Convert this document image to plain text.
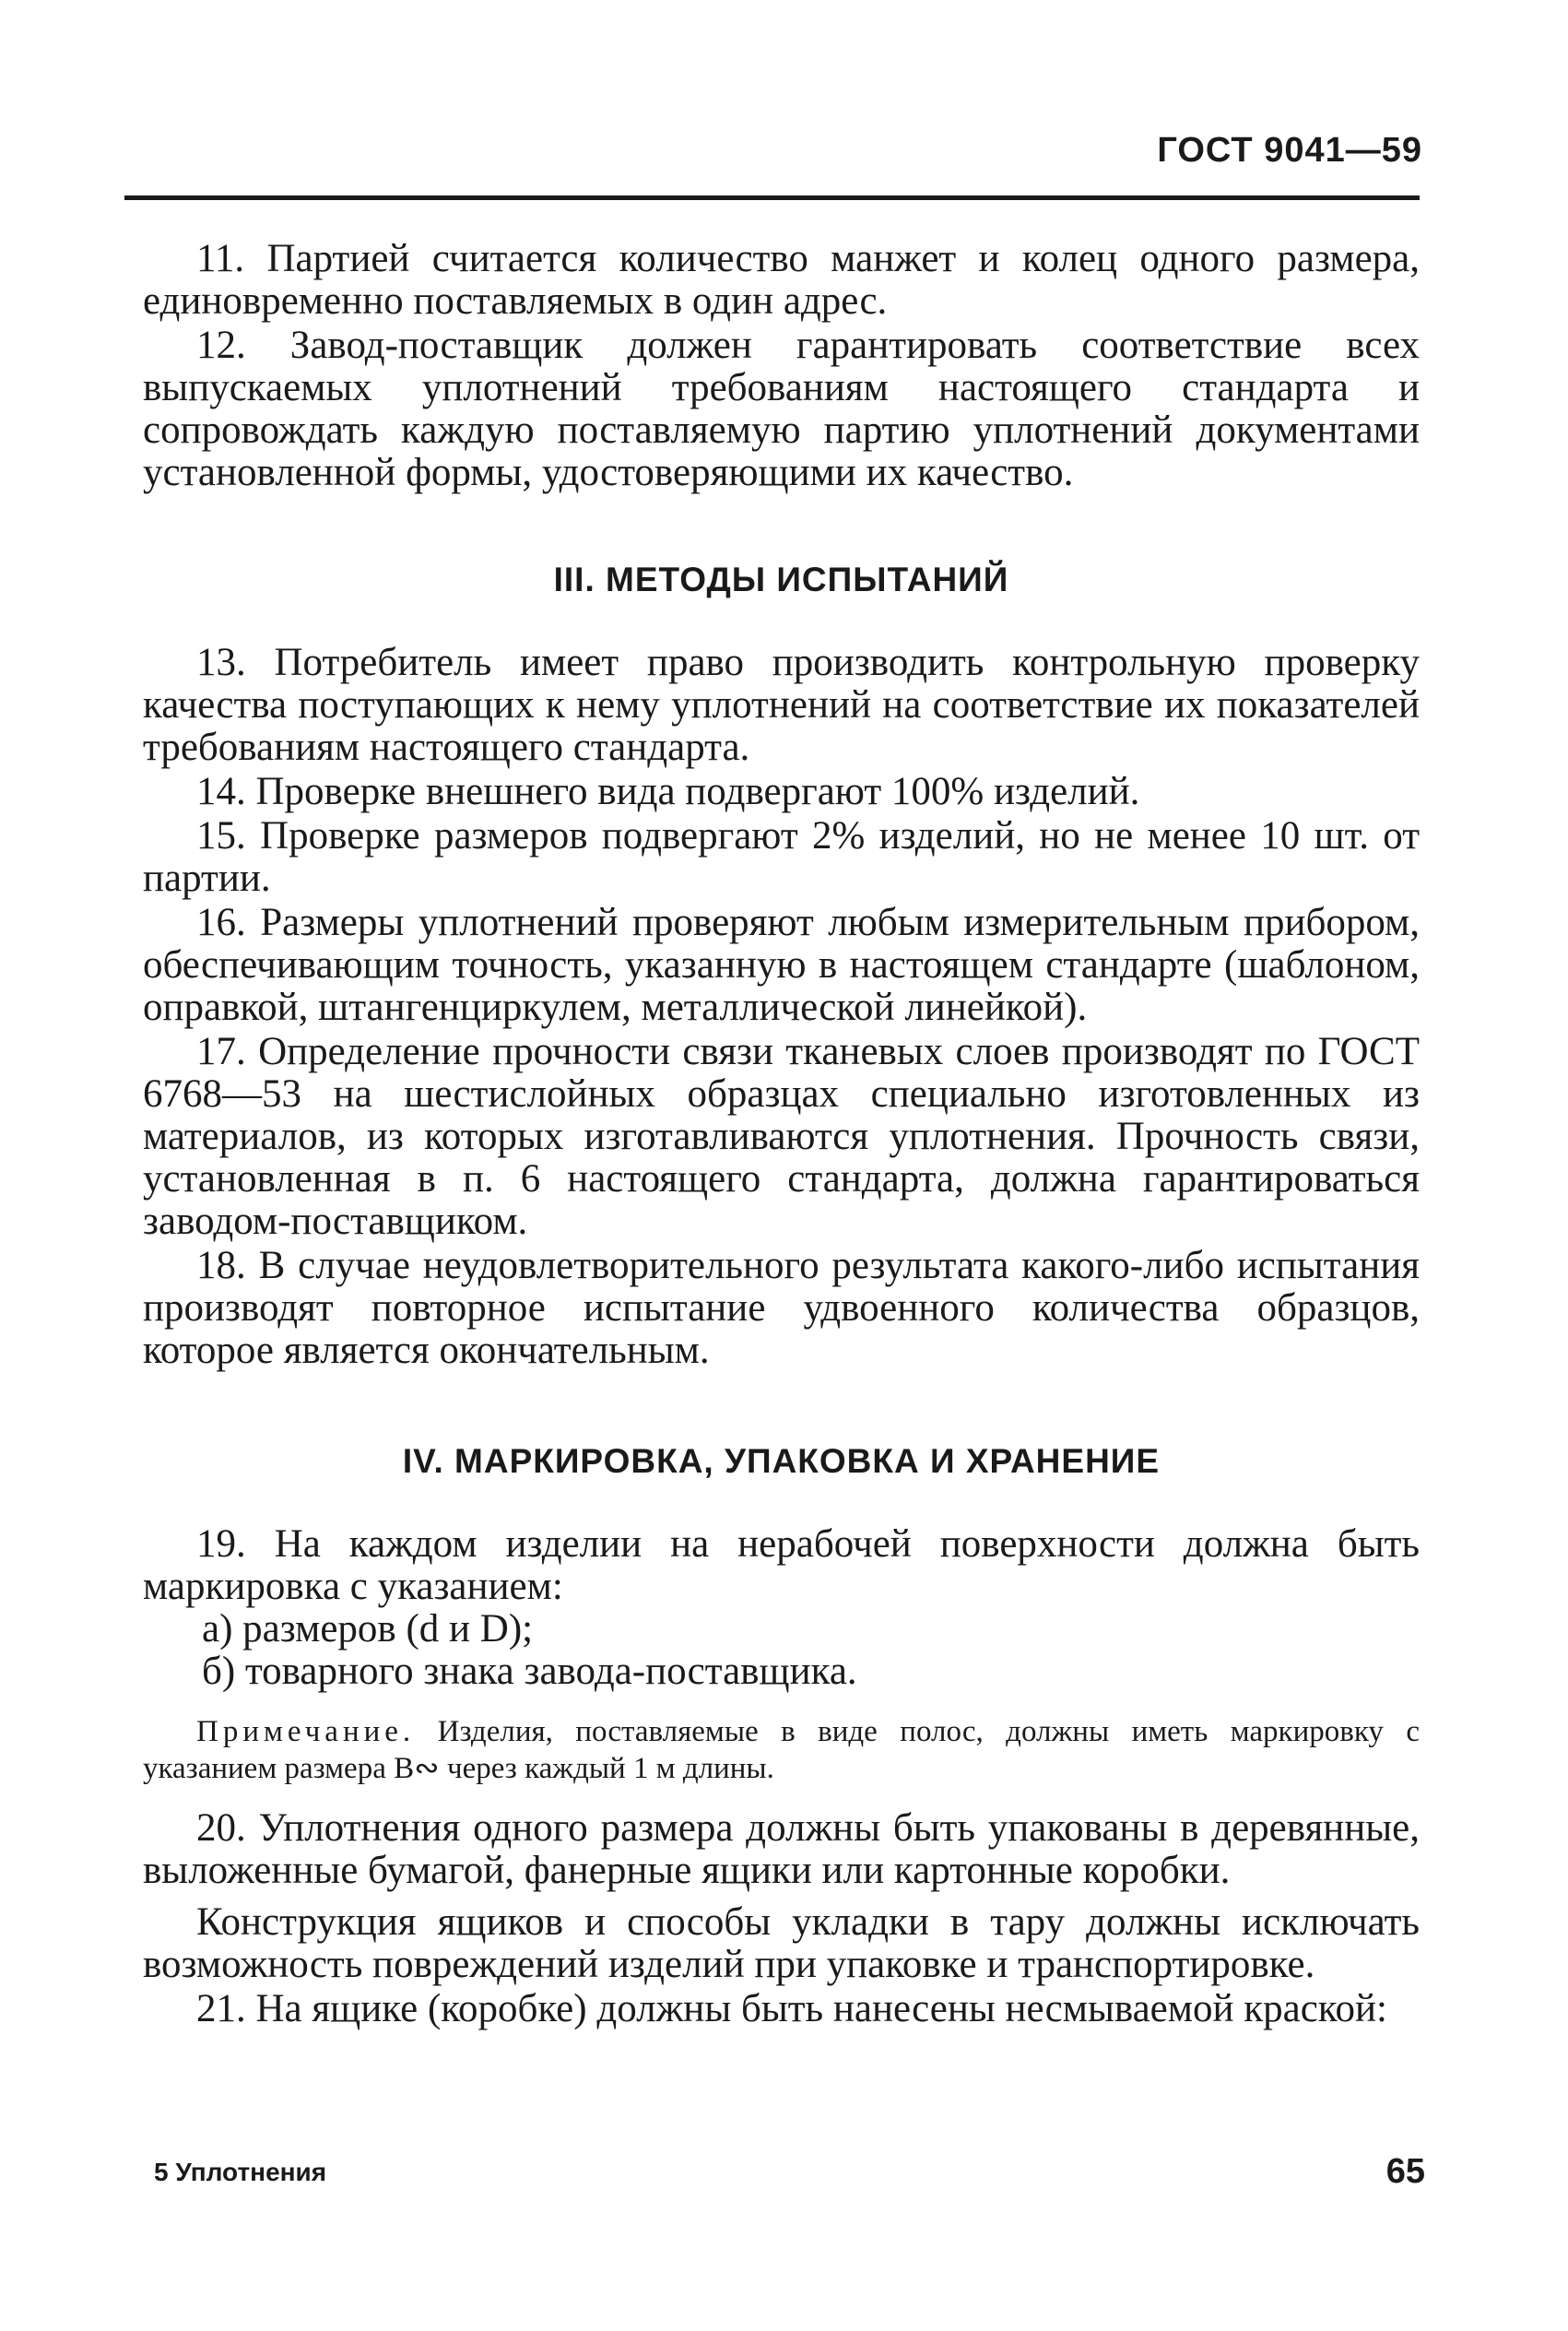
ГОСТ 9041—59

11. Партией считается количество манжет и колец одного размера, единовременно поставляемых в один адрес.

12. Завод-поставщик должен гарантировать соответствие всех выпускаемых уплотнений требованиям настоящего стандарта и сопровождать каждую поставляемую партию уплотнений документами установленной формы, удостоверяющими их качество.

III. МЕТОДЫ ИСПЫТАНИЙ

13. Потребитель имеет право производить контрольную проверку качества поступающих к нему уплотнений на соответствие их показателей требованиям настоящего стандарта.

14. Проверке внешнего вида подвергают 100% изделий.

15. Проверке размеров подвергают 2% изделий, но не менее 10 шт. от партии.

16. Размеры уплотнений проверяют любым измерительным прибором, обеспечивающим точность, указанную в настоящем стандарте (шаблоном, оправкой, штангенциркулем, металлической линейкой).

17. Определение прочности связи тканевых слоев производят по ГОСТ 6768—53 на шестислойных образцах специально изготовленных из материалов, из которых изготавливаются уплотнения. Прочность связи, установленная в п. 6 настоящего стандарта, должна гарантироваться заводом-поставщиком.

18. В случае неудовлетворительного результата какого-либо испытания производят повторное испытание удвоенного количества образцов, которое является окончательным.

IV. МАРКИРОВКА, УПАКОВКА И ХРАНЕНИЕ

19. На каждом изделии на нерабочей поверхности должна быть маркировка с указанием:

а) размеров (d и D);

б) товарного знака завода-поставщика.

Примечание. Изделия, поставляемые в виде полос, должны иметь маркировку с указанием размера B∾ через каждый 1 м длины.

20. Уплотнения одного размера должны быть упакованы в деревянные, выложенные бумагой, фанерные ящики или картонные коробки.

Конструкция ящиков и способы укладки в тару должны исключать возможность повреждений изделий при упаковке и транспортировке.

21. На ящике (коробке) должны быть нанесены несмываемой краской:

5 Уплотнения	65
